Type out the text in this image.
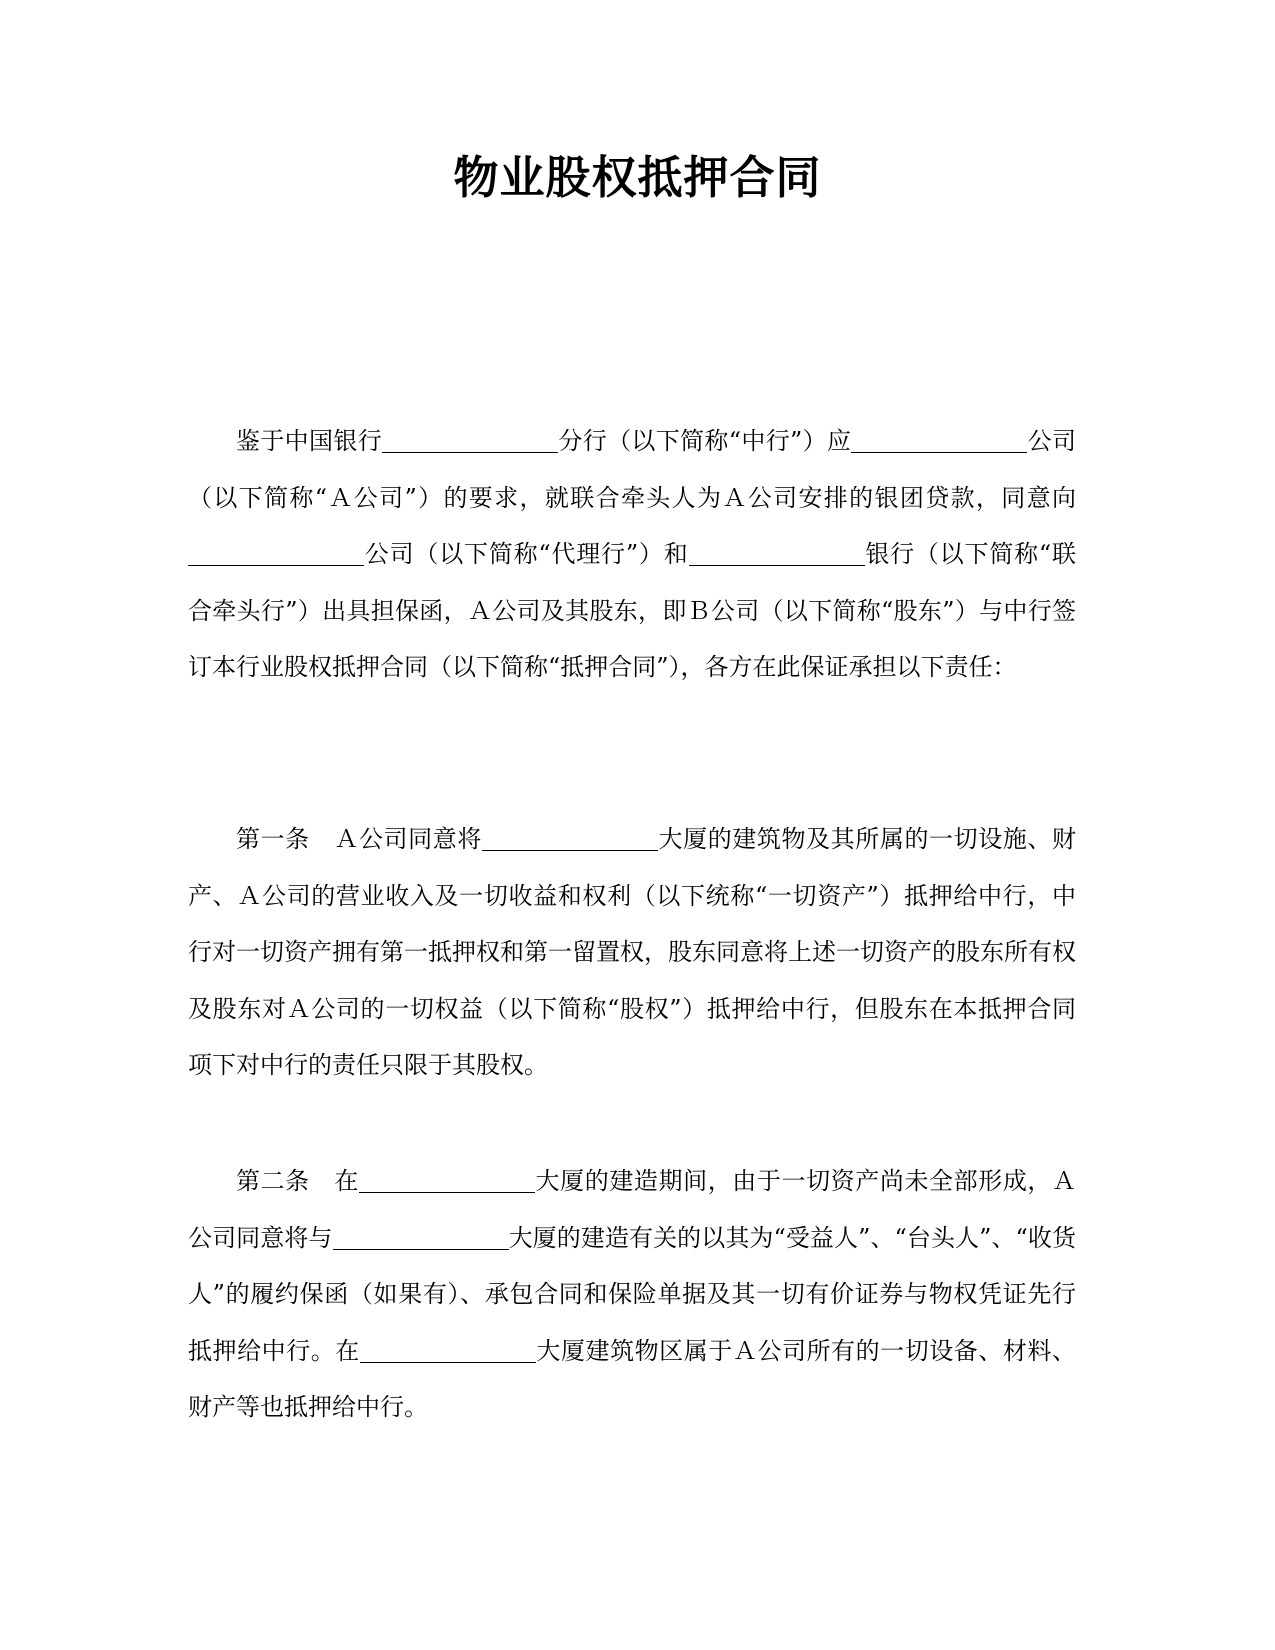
物业股权抵押合同

鉴于中国银行	分行（以下简称“中行”）应	公司（以下简称“Ａ公司”）的要求，就联合牵头人为Ａ公司安排的银团贷款，同意向公司（以下简称“代理行”）和	银行（以下简称“联合牵头行”）出具担保函，Ａ公司及其股东，即Ｂ公司（以下简称“股东”）与中行签订本行业股权抵押合同（以下简称“抵押合同”），各方在此保证承担以下责任：

第一条　Ａ公司同意将	大厦的建筑物及其所属的一切设施、财产、Ａ公司的营业收入及一切收益和权利（以下统称“一切资产”）抵押给中行，中行对一切资产拥有第一抵押权和第一留置权，股东同意将上述一切资产的股东所有权及股东对Ａ公司的一切权益（以下简称“股权”）抵押给中行，但股东在本抵押合同项下对中行的责任只限于其股权。

第二条　在	大厦的建造期间，由于一切资产尚未全部形成，Ａ公司同意将与	大厦的建造有关的以其为“受益人”、“台头人”、“收货人”的履约保函（如果有）、承包合同和保险单据及其一切有价证券与物权凭证先行抵押给中行。在	大厦建筑物区属于Ａ公司所有的一切设备、材料、财产等也抵押给中行。
